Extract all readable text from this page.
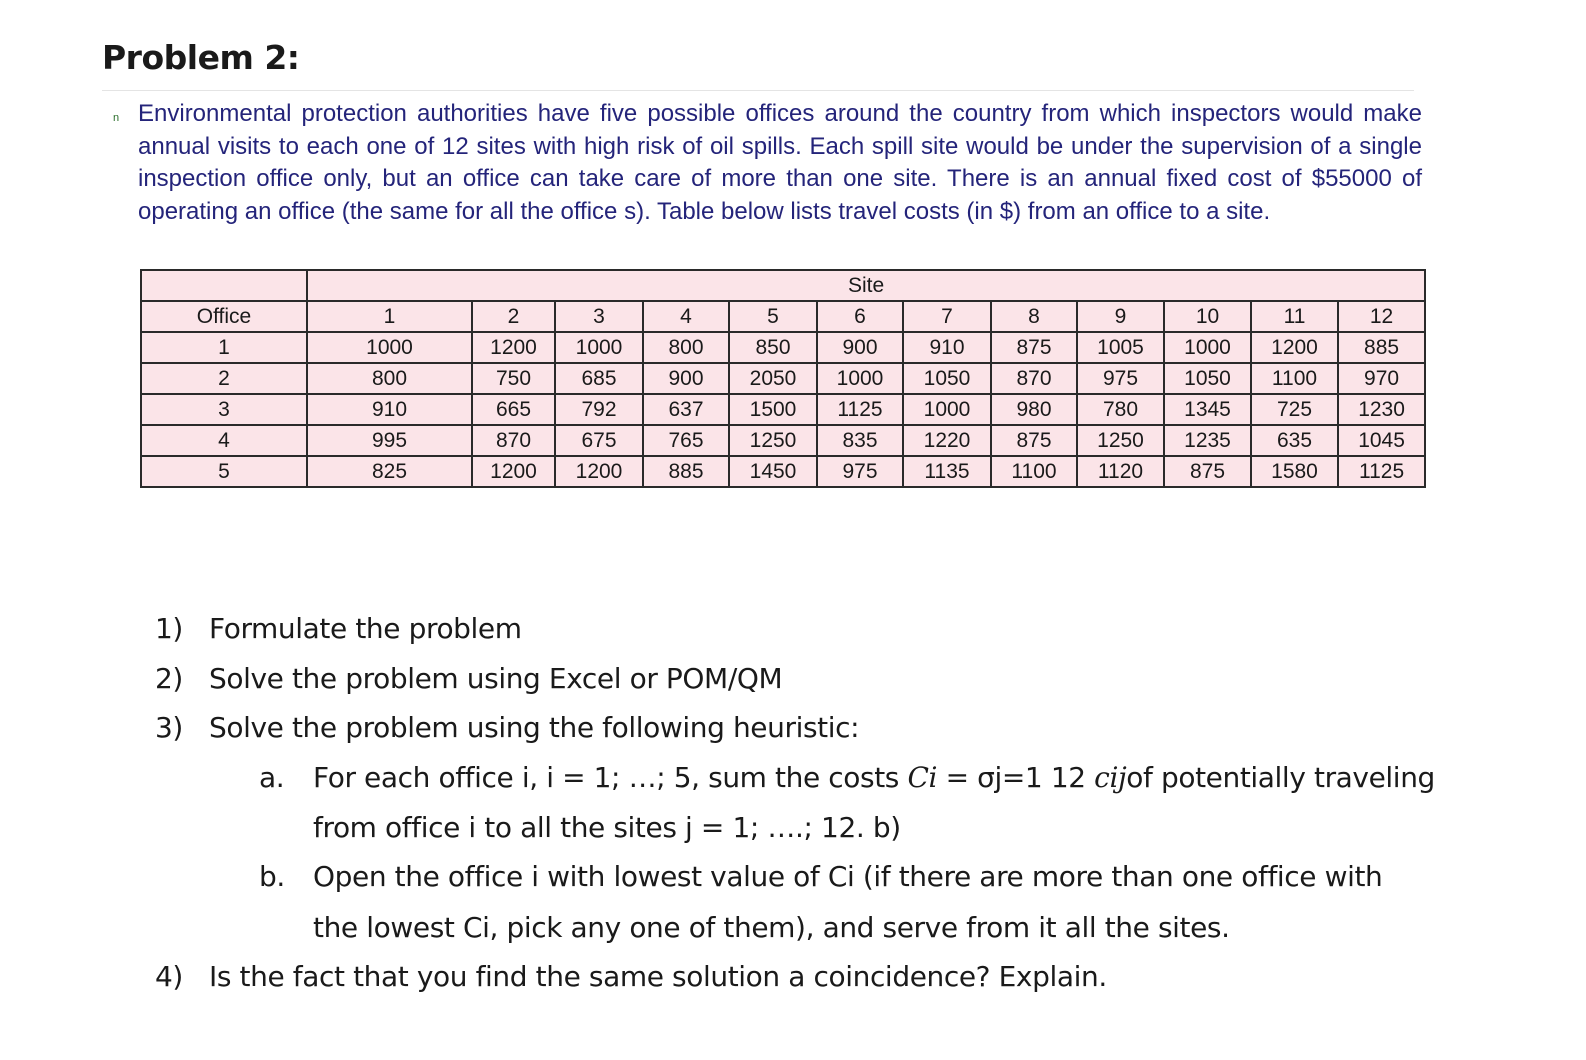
Problem 2:
n Environmental protection authorities have five possible offices around the country from which inspectors would make annual visits to each one of 12 sites with high risk of oil spills. Each spill site would be under the supervision of a single inspection office only, but an office can take care of more than one site. There is an annual fixed cost of $55000 of operating an office (the same for all the office s). Table below lists travel costs (in $) from an office to a site.

	Site											
Office	1	2	3	4	5	6	7	8	9	10	11	12
1	1000	1200	1000	800	850	900	910	875	1005	1000	1200	885
2	800	750	685	900	2050	1000	1050	870	975	1050	1100	970
3	910	665	792	637	1500	1125	1000	980	780	1345	725	1230
4	995	870	675	765	1250	835	1220	875	1250	1235	635	1045
5	825	1200	1200	885	1450	975	1135	1100	1120	875	1580	1125
1) Formulate the problem
2) Solve the problem using Excel or POM/QM
3) Solve the problem using the following heuristic:
a. For each office i, i = 1; …; 5, sum the costs Ci = σj=1 12 cijof potentially traveling
from office i to all the sites j = 1; ….; 12. b)
b. Open the office i with lowest value of Ci (if there are more than one office with
the lowest Ci, pick any one of them), and serve from it all the sites.
4) Is the fact that you find the same solution a coincidence? Explain.
